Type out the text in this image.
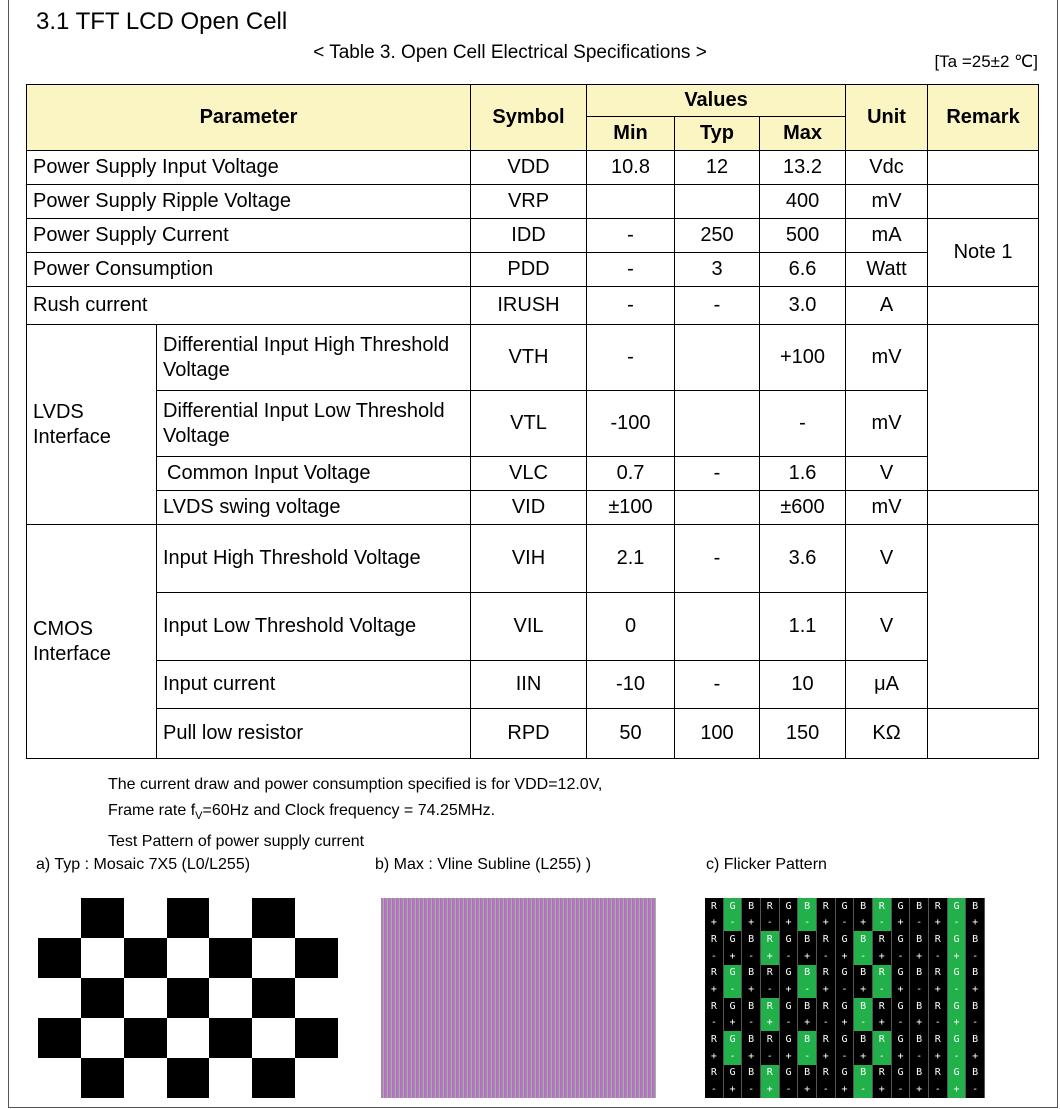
3.1 TFT LCD Open Cell
< Table 3. Open Cell Electrical Specifications >	[Ta =25±2 ℃]
Parameter		Symbol	Values			Unit	Remark
			Min	Typ	Max		
Power Supply Input Voltage		VDD	10.8	12	13.2	Vdc	
Power Supply Ripple Voltage		VRP			400	mV	
Power Supply Current		IDD	-	250	500	mA	Note 1
Power Consumption		PDD	-	3	6.6	Watt	
Rush current		IRUSH	-	-	3.0	A	
LVDS Interface	Differential Input High Threshold Voltage	VTH	-		+100	mV	
	Differential Input Low Threshold Voltage	VTL	-100		-	mV	
	Common Input Voltage	VLC	0.7	-	1.6	V	
	LVDS swing voltage	VID	±100		±600	mV	
CMOS Interface	Input High Threshold Voltage	VIH	2.1	-	3.6	V	
	Input Low Threshold Voltage	VIL	0		1.1	V	
	Input current	IIN	-10	-	10	μA	
	Pull low resistor	RPD	50	100	150	KΩ	
The current draw and power consumption specified is for VDD=12.0V,
Frame rate $f_V=60Hz$ and Clock frequency = 74.25MHz.
Test Pattern of power supply current
a) Typ : Mosaic 7X5 (L0/L255)	b) Max : Vline Subline (L255) )	c) Flicker Pattern
R	G	B	R	G	B	R	G	B	R	G	B	R	G	B
+	-	+	-	+	-	+	-	+	-	+	-	+	-	+
R	G	B	R	G	B	R	G	B	R	G	B	R	G	B
-	+	-	+	-	+	-	+	-	+	-	+	-	+	-
R	G	B	R	G	B	R	G	B	R	G	B	R	G	B
+	-	+	-	+	-	+	-	+	-	+	-	+	-	+
R	G	B	R	G	B	R	G	B	R	G	B	R	G	B
-	+	-	+	-	+	-	+	-	+	-	+	-	+	-
R	G	B	R	G	B	R	G	B	R	G	B	R	G	B
+	-	+	-	+	-	+	-	+	-	+	-	+	-	+
R	G	B	R	G	B	R	G	B	R	G	B	R	G	B
-	+	-	+	-	+	-	+	-	+	-	+	-	+	-
